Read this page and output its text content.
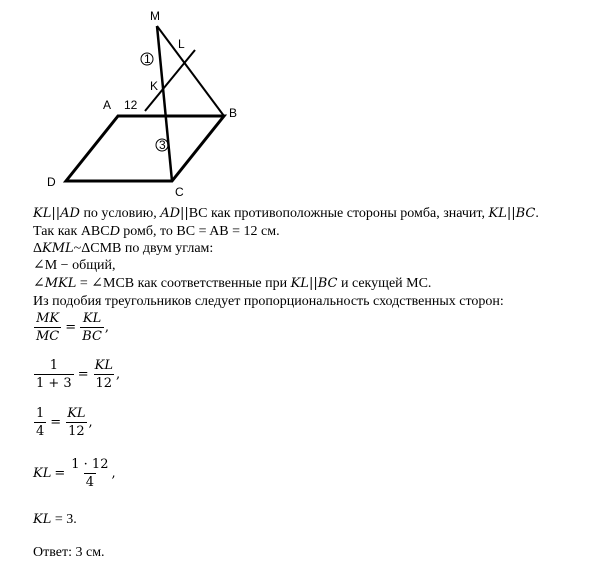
1
3
M
L
K
A 12
B
C
D
KL||AD по условию, AD||BC как противоположные стороны ромба, значит, KL||BC.
Так как ABCD ромб, то BC = AB = 12 см.
ΔKML~ΔCMB по двум углам:
∠M − общий,
∠MKL = ∠MCB как соответственные при KL||BC и секущей MC.
Из подобия треугольников следует пропорциональность сходственных сторон:
$\frac{MK}{MC} = \frac{KL}{BC}$ ,
$\frac{1}{1 + 3} = \frac{KL}{12}$ ,
$\frac{1}{4} = \frac{KL}{12}$ ,
KL = $\frac{1 \cdot 12}{4}$ ,
KL = 3.
Ответ: 3 см.
